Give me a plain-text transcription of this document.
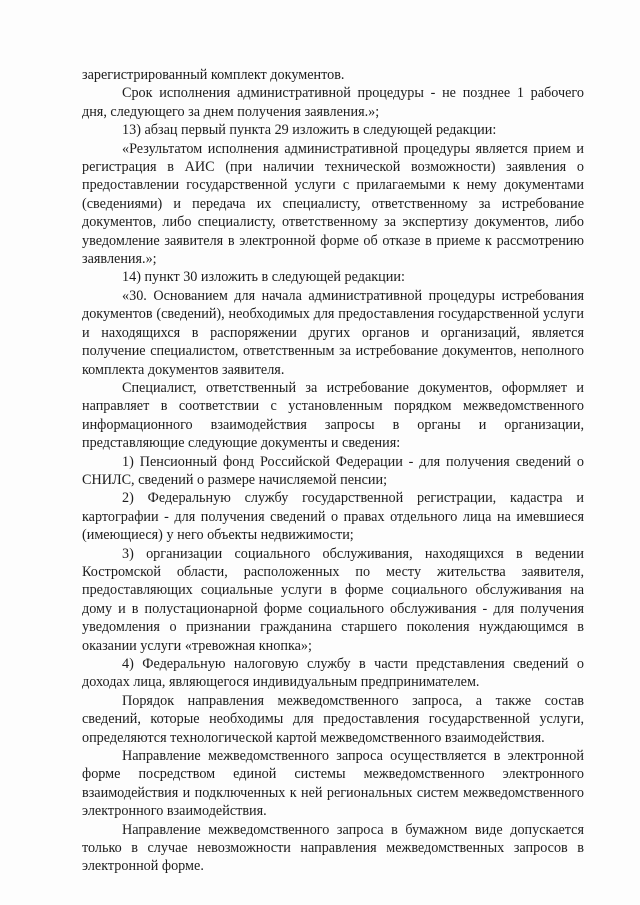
зарегистрированный комплект документов.

Срок исполнения административной процедуры - не позднее 1 рабочего дня, следующего за днем получения заявления.»;

13) абзац первый пункта 29 изложить в следующей редакции:

«Результатом исполнения административной процедуры является прием и регистрация в АИС (при наличии технической возможности) заявления о предоставлении государственной услуги с прилагаемыми к нему документами (сведениями) и передача их специалисту, ответственному за истребование документов, либо специалисту, ответственному за экспертизу документов, либо уведомление заявителя в электронной форме об отказе в приеме к рассмотрению заявления.»;

14) пункт 30 изложить в следующей редакции:

«30. Основанием для начала административной процедуры истребования документов (сведений), необходимых для предоставления государственной услуги и находящихся в распоряжении других органов и организаций, является получение специалистом, ответственным за истребование документов, неполного комплекта документов заявителя.

Специалист, ответственный за истребование документов, оформляет и направляет в соответствии с установленным порядком межведомственного информационного взаимодействия запросы в органы и организации, представляющие следующие документы и сведения:

1) Пенсионный фонд Российской Федерации - для получения сведений о СНИЛС, сведений о размере начисляемой пенсии;

2) Федеральную службу государственной регистрации, кадастра и картографии - для получения сведений о правах отдельного лица на имевшиеся (имеющиеся) у него объекты недвижимости;

3) организации социального обслуживания, находящихся в ведении Костромской области, расположенных по месту жительства заявителя, предоставляющих социальные услуги в форме социального обслуживания на дому и в полустационарной форме социального обслуживания - для получения уведомления о признании гражданина старшего поколения нуждающимся в оказании услуги «тревожная кнопка»;

4) Федеральную налоговую службу в части представления сведений о доходах лица, являющегося индивидуальным предпринимателем.

Порядок направления межведомственного запроса, а также состав сведений, которые необходимы для предоставления государственной услуги, определяются технологической картой межведомственного взаимодействия.

Направление межведомственного запроса осуществляется в электронной форме посредством единой системы межведомственного электронного взаимодействия и подключенных к ней региональных систем межведомственного электронного взаимодействия.

Направление межведомственного запроса в бумажном виде допускается только в случае невозможности направления межведомственных запросов в электронной форме.
